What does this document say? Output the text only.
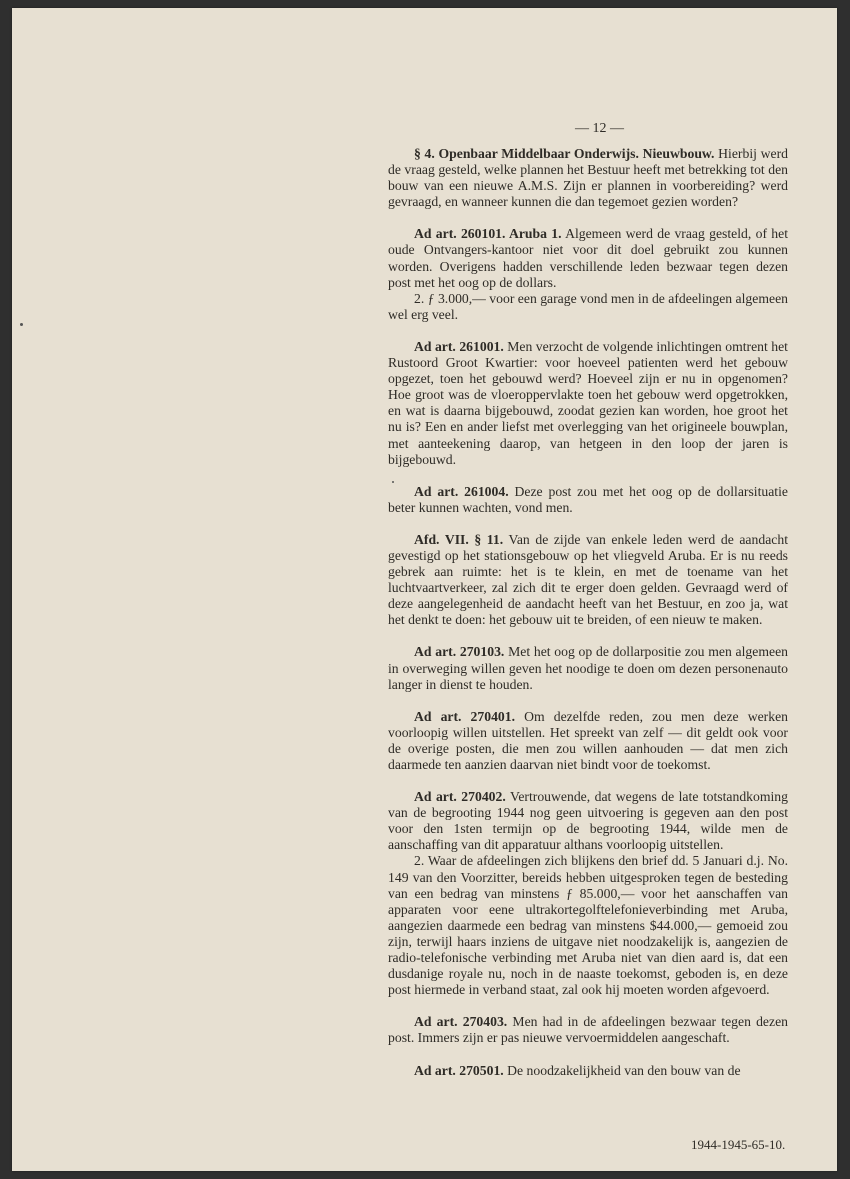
— 12 —

§ 4. Openbaar Middelbaar Onderwijs. Nieuwbouw. Hierbij werd de vraag gesteld, welke plannen het Bestuur heeft met betrekking tot den bouw van een nieuwe A.M.S. Zijn er plannen in voorbereiding? werd gevraagd, en wanneer kunnen die dan tegemoet gezien worden?

Ad art. 260101. Aruba 1. Algemeen werd de vraag gesteld, of het oude Ontvangers-kantoor niet voor dit doel gebruikt zou kunnen worden. Overigens hadden verschillende leden bezwaar tegen dezen post met het oog op de dollars.

2. ƒ 3.000,— voor een garage vond men in de afdeelingen algemeen wel erg veel.

Ad art. 261001. Men verzocht de volgende inlichtingen omtrent het Rustoord Groot Kwartier: voor hoeveel patienten werd het gebouw opgezet, toen het gebouwd werd? Hoeveel zijn er nu in opgenomen? Hoe groot was de vloeroppervlakte toen het gebouw werd opgetrokken, en wat is daarna bijgebouwd, zoodat gezien kan worden, hoe groot het nu is? Een en ander liefst met overlegging van het origineele bouwplan, met aanteekening daarop, van hetgeen in den loop der jaren is bijgebouwd.

Ad art. 261004. Deze post zou met het oog op de dollarsituatie beter kunnen wachten, vond men.

Afd. VII. § 11. Van de zijde van enkele leden werd de aandacht gevestigd op het stationsgebouw op het vliegveld Aruba. Er is nu reeds gebrek aan ruimte: het is te klein, en met de toename van het luchtvaartverkeer, zal zich dit te erger doen gelden. Gevraagd werd of deze aangelegenheid de aandacht heeft van het Bestuur, en zoo ja, wat het denkt te doen: het gebouw uit te breiden, of een nieuw te maken.

Ad art. 270103. Met het oog op de dollarpositie zou men algemeen in overweging willen geven het noodige te doen om dezen personenauto langer in dienst te houden.

Ad art. 270401. Om dezelfde reden, zou men deze werken voorloopig willen uitstellen. Het spreekt van zelf — dit geldt ook voor de overige posten, die men zou willen aanhouden — dat men zich daarmede ten aanzien daarvan niet bindt voor de toekomst.

Ad art. 270402. Vertrouwende, dat wegens de late totstandkoming van de begrooting 1944 nog geen uitvoering is gegeven aan den post voor den 1sten termijn op de begrooting 1944, wilde men de aanschaffing van dit apparatuur althans voorloopig uitstellen.

2. Waar de afdeelingen zich blijkens den brief dd. 5 Januari d.j. No. 149 van den Voorzitter, bereids hebben uitgesproken tegen de besteding van een bedrag van minstens ƒ 85.000,— voor het aanschaffen van apparaten voor eene ultrakortegolftelefonieverbinding met Aruba, aangezien daarmede een bedrag van minstens $44.000,— gemoeid zou zijn, terwijl haars inziens de uitgave niet noodzakelijk is, aangezien de radio-telefonische verbinding met Aruba niet van dien aard is, dat een dusdanige royale nu, noch in de naaste toekomst, geboden is, en deze post hiermede in verband staat, zal ook hij moeten worden afgevoerd.

Ad art. 270403. Men had in de afdeelingen bezwaar tegen dezen post. Immers zijn er pas nieuwe vervoermiddelen aangeschaft.

Ad art. 270501. De noodzakelijkheid van den bouw van de

1944-1945-65-10.
